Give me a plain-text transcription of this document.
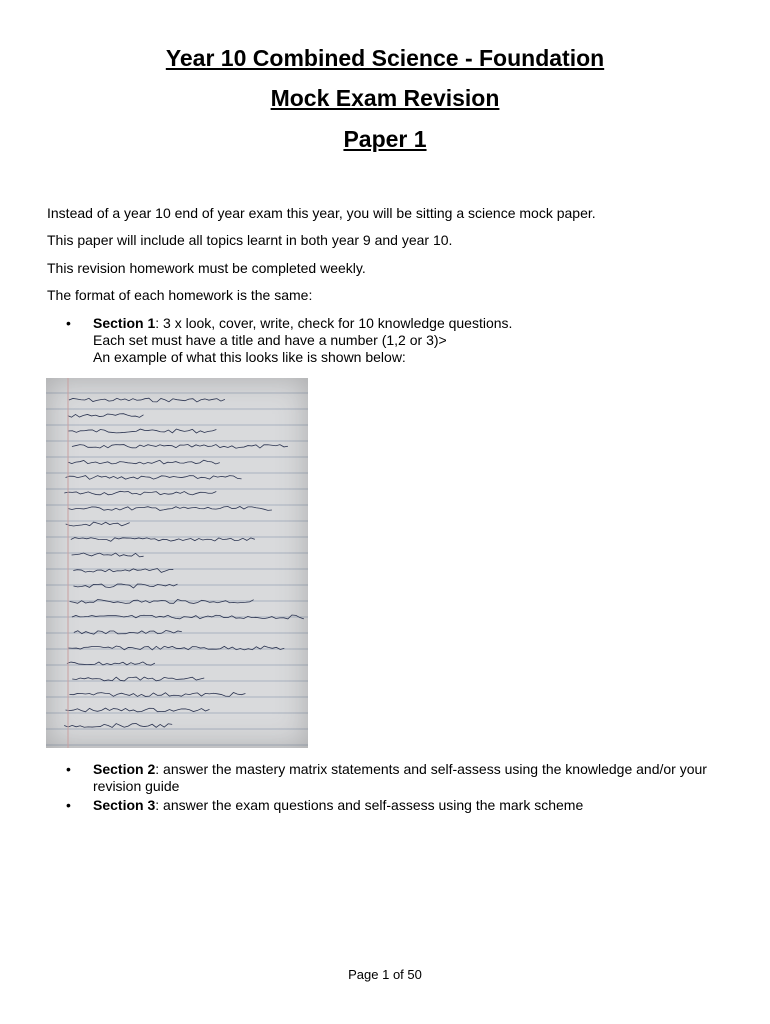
Year 10 Combined Science - Foundation
Mock Exam Revision
Paper 1
Instead of a year 10 end of year exam this year, you will be sitting a science mock paper.
This paper will include all topics learnt in both year 9 and year 10.
This revision homework must be completed weekly.
The format of each homework is the same:
• Section 1: 3 x look, cover, write, check for 10 knowledge questions.
Each set must have a title and have a number (1,2 or 3)>
An example of what this looks like is shown below:
• Section 2: answer the mastery matrix statements and self-assess using the knowledge and/or your revision guide
• Section 3: answer the exam questions and self-assess using the mark scheme
Page 1 of 50
